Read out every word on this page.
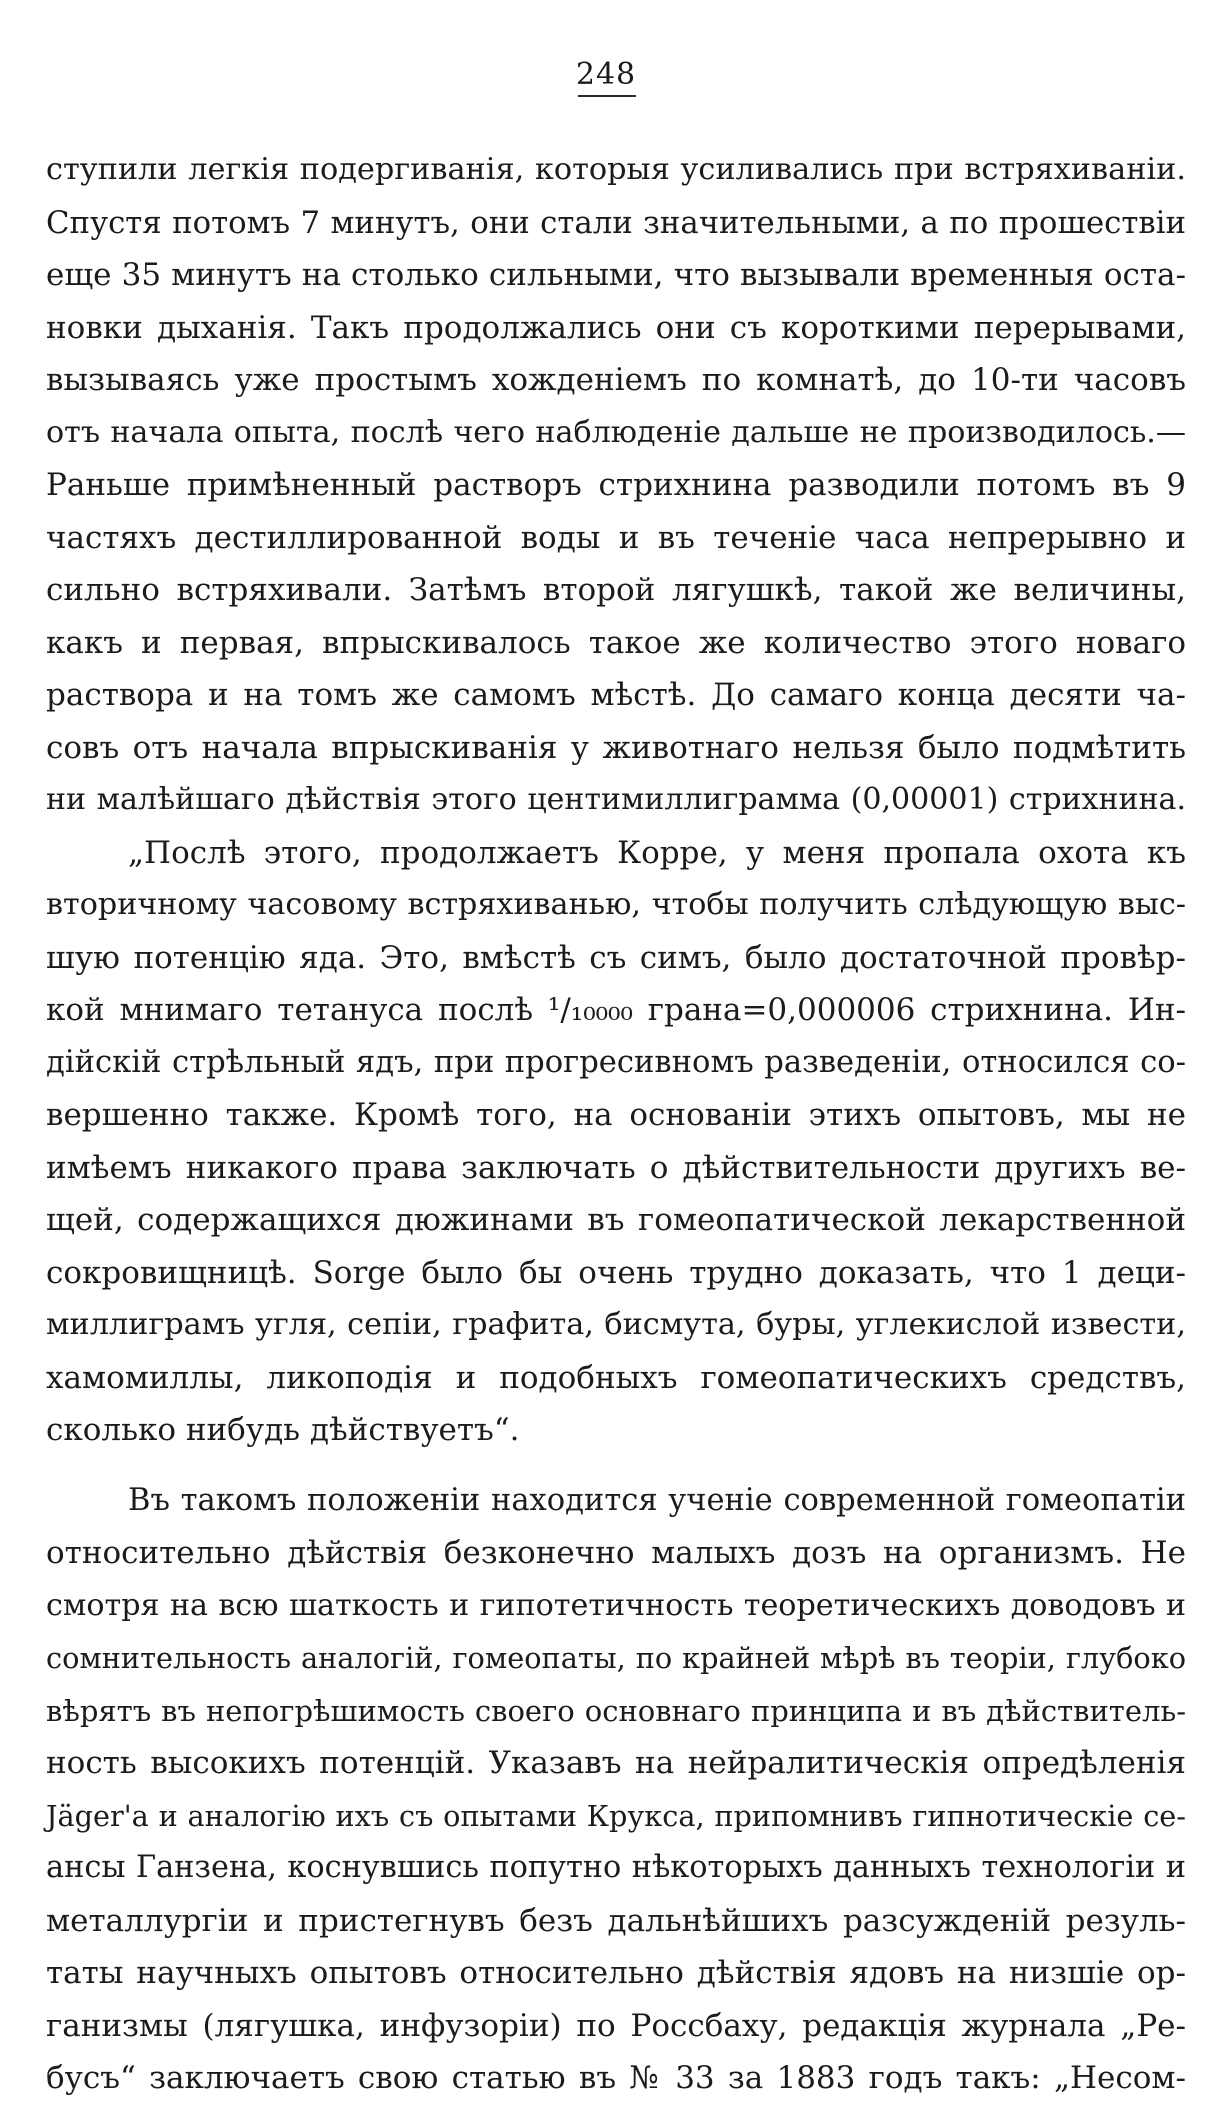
248
ступили легкія подергиванія, которыя усиливались при встряхиваніи.
Спустя потомъ 7 минутъ, они стали значительными, а по прошествіи
еще 35 минутъ на столько сильными, что вызывали временныя оста-
новки дыханія. Такъ продолжались они съ короткими перерывами,
вызываясь уже простымъ хожденіемъ по комнатѣ, до 10-ти часовъ
отъ начала опыта, послѣ чего наблюденіе дальше не производилось.—
Раньше примѣненный растворъ стрихнина разводили потомъ въ 9
частяхъ дестиллированной воды и въ теченіе часа непрерывно и
сильно встряхивали. Затѣмъ второй лягушкѣ, такой же величины,
какъ и первая, впрыскивалось такое же количество этого новаго
раствора и на томъ же самомъ мѣстѣ. До самаго конца десяти ча-
совъ отъ начала впрыскиванія у животнаго нельзя было подмѣтить
ни малѣйшаго дѣйствія этого центимиллиграмма (0,00001) стрихнина.
„Послѣ этого, продолжаетъ Корре, у меня пропала охота къ
вторичному часовому встряхиванью, чтобы получить слѣдующую выс-
шую потенцію яда. Это, вмѣстѣ съ симъ, было достаточной провѣр-
кой мнимаго тетануса послѣ ¹/₁₀₀₀₀ грана=0,000006 стрихнина. Ин-
дійскій стрѣльный ядъ, при прогресивномъ разведеніи, относился со-
вершенно также. Кромѣ того, на основаніи этихъ опытовъ, мы не
имѣемъ никакого права заключать о дѣйствительности другихъ ве-
щей, содержащихся дюжинами въ гомеопатической лекарственной
сокровищницѣ. Sorge было бы очень трудно доказать, что 1 деци-
миллиграмъ угля, сепіи, графита, бисмута, буры, углекислой извести,
хамомиллы, ликоподія и подобныхъ гомеопатическихъ средствъ,
сколько нибудь дѣйствуетъ“.
Въ такомъ положеніи находится ученіе современной гомеопатіи
относительно дѣйствія безконечно малыхъ дозъ на организмъ. Не
смотря на всю шаткость и гипотетичность теоретическихъ доводовъ и
сомнительность аналогій, гомеопаты, по крайней мѣрѣ въ теоріи, глубоко
вѣрятъ въ непогрѣшимость своего основнаго принципа и въ дѣйствитель-
ность высокихъ потенцій. Указавъ на нейралитическія опредѣленія
Jäger'а и аналогію ихъ съ опытами Крукса, припомнивъ гипнотическіе се-
ансы Ганзена, коснувшись попутно нѣкоторыхъ данныхъ технологіи и
металлургіи и пристегнувъ безъ дальнѣйшихъ разсужденій резуль-
таты научныхъ опытовъ относительно дѣйствія ядовъ на низшіе ор-
ганизмы (лягушка, инфузоріи) по Россбаху, редакція журнала „Ре-
бусъ“ заключаетъ свою статью въ № 33 за 1883 годъ такъ: „Несом-
